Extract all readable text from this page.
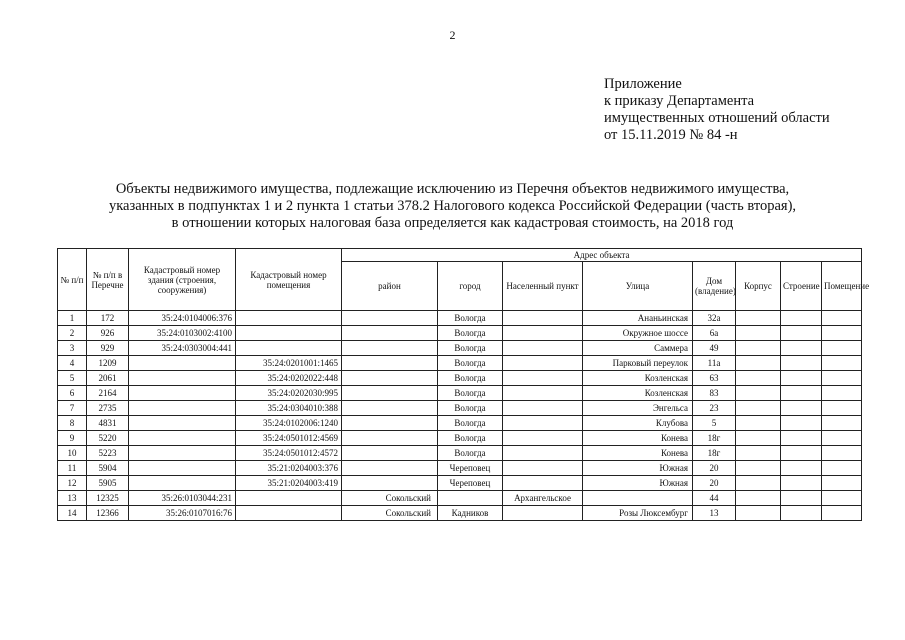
2
Приложение
к приказу Департамента
имущественных отношений области
от 15.11.2019 № 84 -н
Объекты недвижимого имущества, подлежащие исключению из Перечня объектов недвижимого имущества,
указанных в подпунктах 1 и 2 пункта 1 статьи 378.2 Налогового кодекса Российской Федерации (часть вторая),
в отношении которых налоговая база определяется как кадастровая стоимость, на 2018 год
№ п/п	№ п/п в Перечне	Кадастровый номер здания (строения, сооружения)	Кадастровый номер помещения	Адрес объекта							
				район	город	Населенный пункт	Улица	Дом (владение)	Корпус	Строение	Помещение
1	172	35:24:0104006:376			Вологда		Ананьинская	32а			
2	926	35:24:0103002:4100			Вологда		Окружное шоссе	6а			
3	929	35:24:0303004:441			Вологда		Саммера	49			
4	1209		35:24:0201001:1465		Вологда		Парковый переулок	11а			
5	2061		35:24:0202022:448		Вологда		Козленская	63			
6	2164		35:24:0202030:995		Вологда		Козленская	83			
7	2735		35:24:0304010:388		Вологда		Энгельса	23			
8	4831		35:24:0102006:1240		Вологда		Клубова	5			
9	5220		35:24:0501012:4569		Вологда		Конева	18г			
10	5223		35:24:0501012:4572		Вологда		Конева	18г			
11	5904		35:21:0204003:376		Череповец		Южная	20			
12	5905		35:21:0204003:419		Череповец		Южная	20			
13	12325	35:26:0103044:231		Сокольский		Архангельское		44			
14	12366	35:26:0107016:76		Сокольский	Кадников		Розы Люксембург	13			
